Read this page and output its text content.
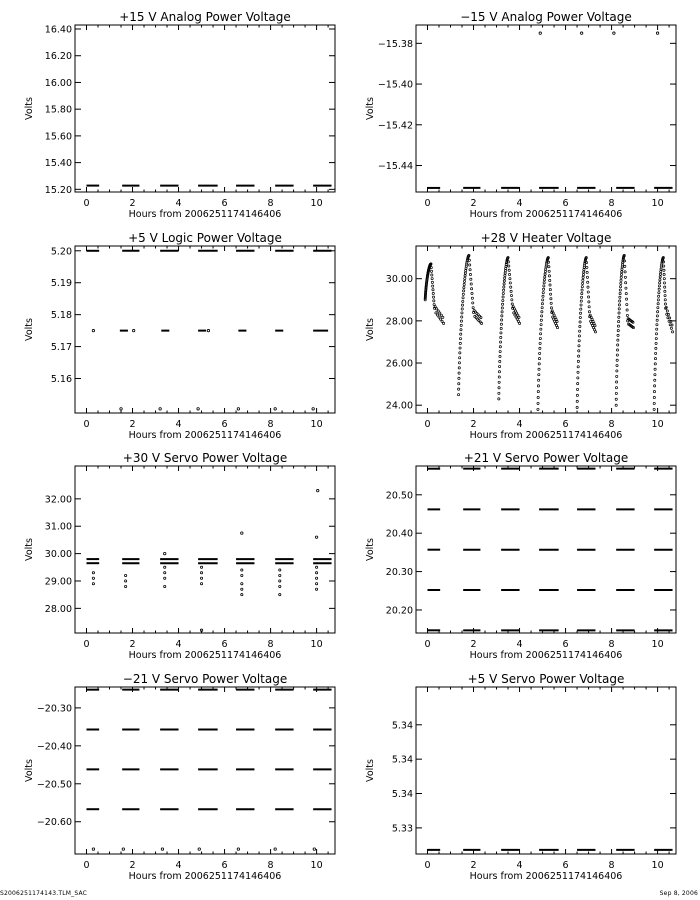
+15 V Analog Power Voltage
0	2	4	6	8	10
15.20
15.40
15.60
15.80
16.00
16.20
16.40
Hours from 2006251174146406
Volts
−15 V Analog Power Voltage
0	2	4	6	8	10
−15.44
−15.42
−15.40
−15.38
Hours from 2006251174146406
Volts
+5 V Logic Power Voltage
0	2	4	6	8	10
5.16
5.17
5.18
5.19
5.20
Hours from 2006251174146406
Volts
+28 V Heater Voltage
0	2	4	6	8	10
24.00
26.00
28.00
30.00
Hours from 2006251174146406
Volts
+30 V Servo Power Voltage
0	2	4	6	8	10
28.00
29.00
30.00
31.00
32.00
Hours from 2006251174146406
Volts
+21 V Servo Power Voltage
0	2	4	6	8	10
20.20
20.30
20.40
20.50
Hours from 2006251174146406
Volts
−21 V Servo Power Voltage
0	2	4	6	8	10
−20.60
−20.50
−20.40
−20.30
Hours from 2006251174146406
Volts
+5 V Servo Power Voltage
0	2	4	6	8	10
5.33
5.34
5.34
5.34
Hours from 2006251174146406
Volts
S2006251174143.TLM_SAC	Sep 8, 2006
